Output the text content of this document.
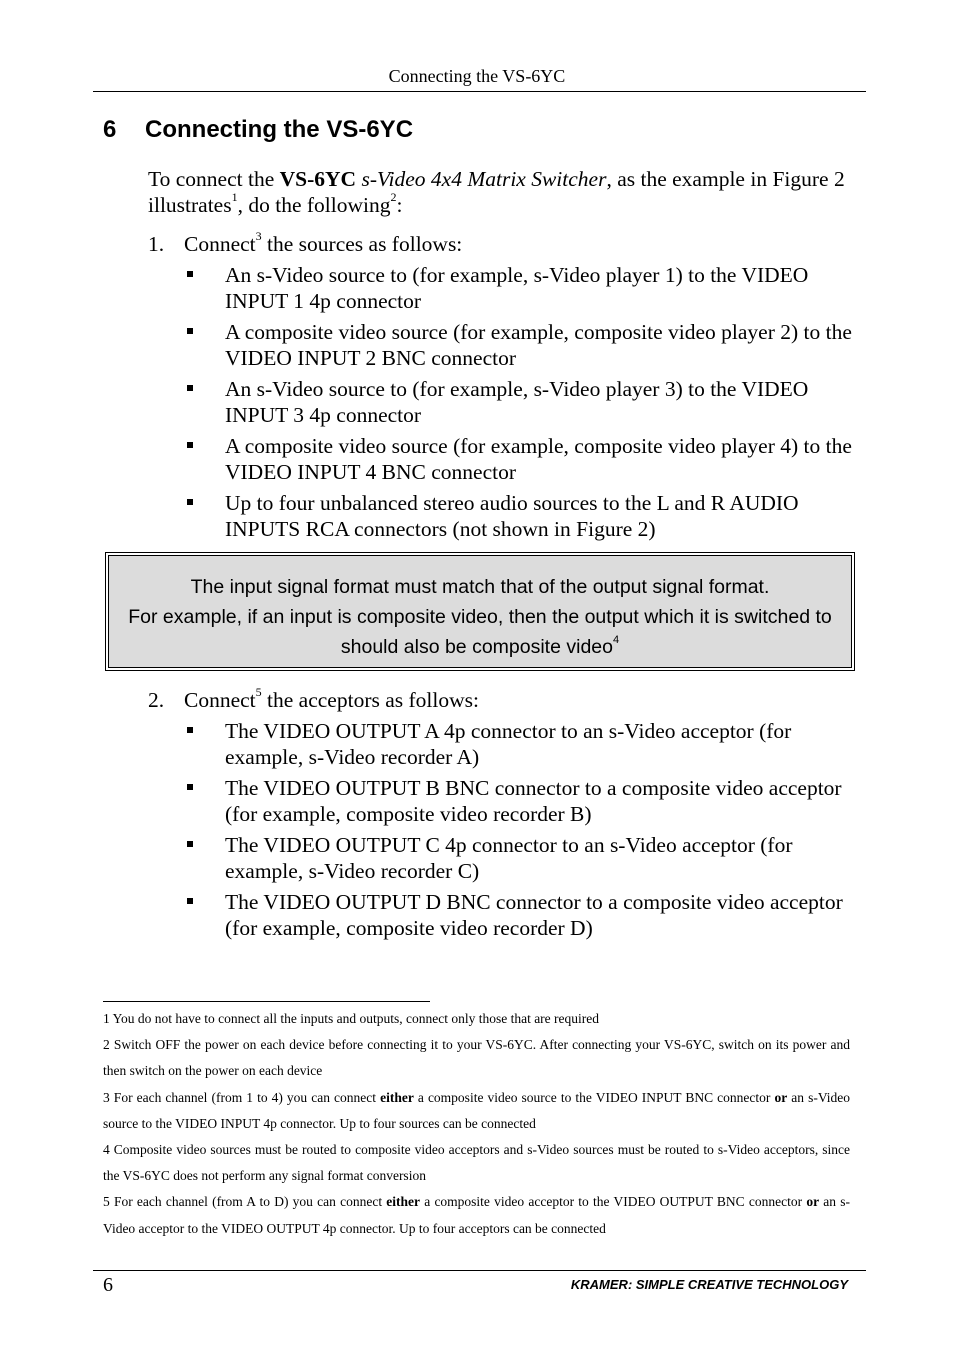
Connecting the VS-6YC
6 Connecting the VS-6YC
To connect the VS-6YC s-Video 4x4 Matrix Switcher, as the example in Figure 2 illustrates$^1$, do the following$^2$:
1. Connect$^3$ the sources as follows:

An s-Video source to (for example, s-Video player 1) to the VIDEO INPUT 1 4p connector

A composite video source (for example, composite video player 2) to the VIDEO INPUT 2 BNC connector

An s-Video source to (for example, s-Video player 3) to the VIDEO INPUT 3 4p connector

A composite video source (for example, composite video player 4) to the VIDEO INPUT 4 BNC connector

Up to four unbalanced stereo audio sources to the L and R AUDIO INPUTS RCA connectors (not shown in Figure 2)

The input signal format must match that of the output signal format.
For example, if an input is composite video, then the output which it is switched to should also be composite video$^4$
2. Connect$^5$ the acceptors as follows:

The VIDEO OUTPUT A 4p connector to an s-Video acceptor (for example, s-Video recorder A)

The VIDEO OUTPUT B BNC connector to a composite video acceptor (for example, composite video recorder B)

The VIDEO OUTPUT C 4p connector to an s-Video acceptor (for example, s-Video recorder C)

The VIDEO OUTPUT D BNC connector to a composite video acceptor (for example, composite video recorder D)

1 You do not have to connect all the inputs and outputs, connect only those that are required

2 Switch OFF the power on each device before connecting it to your VS-6YC. After connecting your VS-6YC, switch on its power and then switch on the power on each device

3 For each channel (from 1 to 4) you can connect either a composite video source to the VIDEO INPUT BNC connector or an s-Video source to the VIDEO INPUT 4p connector. Up to four sources can be connected

4 Composite video sources must be routed to composite video acceptors and s-Video sources must be routed to s-Video acceptors, since the VS-6YC does not perform any signal format conversion

5 For each channel (from A to D) you can connect either a composite video acceptor to the VIDEO OUTPUT BNC connector or an s-Video acceptor to the VIDEO OUTPUT 4p connector. Up to four acceptors can be connected

6	KRAMER: SIMPLE CREATIVE TECHNOLOGY
